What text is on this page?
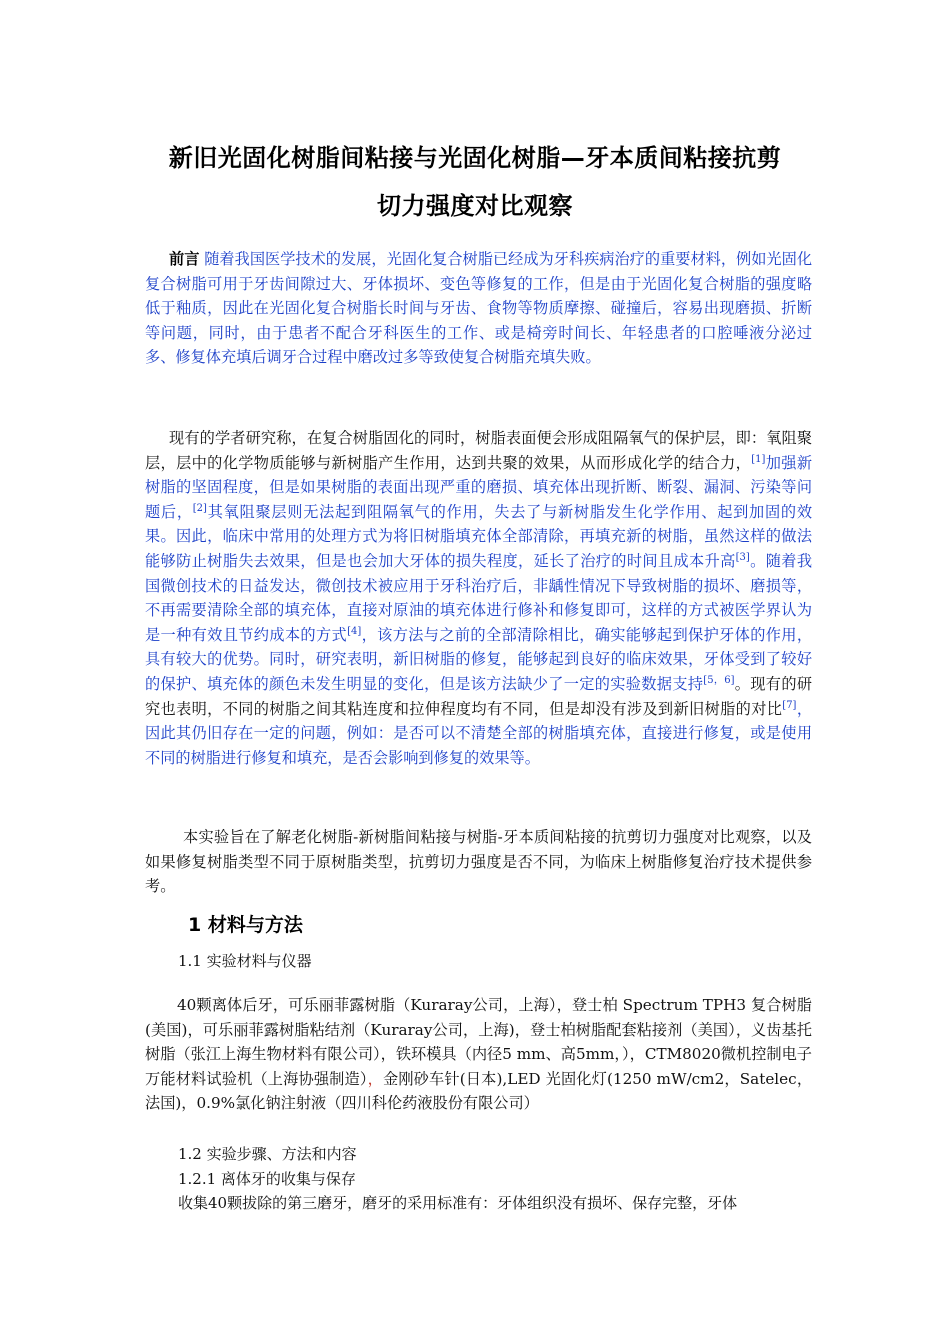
新旧光固化树脂间粘接与光固化树脂—牙本质间粘接抗剪
切力强度对比观察

前言 随着我国医学技术的发展，光固化复合树脂已经成为牙科疾病治疗的重要材料，例如光固化复合树脂可用于牙齿间隙过大、牙体损坏、变色等修复的工作，但是由于光固化复合树脂的强度略低于釉质，因此在光固化复合树脂长时间与牙齿、食物等物质摩擦、碰撞后，容易出现磨损、折断等问题，同时，由于患者不配合牙科医生的工作、或是椅旁时间长、年轻患者的口腔唾液分泌过多、修复体充填后调牙合过程中磨改过多等致使复合树脂充填失败。

现有的学者研究称，在复合树脂固化的同时，树脂表面便会形成阻隔氧气的保护层，即：氧阻聚层，层中的化学物质能够与新树脂产生作用，达到共聚的效果，从而形成化学的结合力，[1]加强新树脂的坚固程度，但是如果树脂的表面出现严重的磨损、填充体出现折断、断裂、漏洞、污染等问题后，[2]其氧阻聚层则无法起到阻隔氧气的作用，失去了与新树脂发生化学作用、起到加固的效果。因此，临床中常用的处理方式为将旧树脂填充体全部清除，再填充新的树脂，虽然这样的做法能够防止树脂失去效果，但是也会加大牙体的损失程度，延长了治疗的时间且成本升高[3]。随着我国微创技术的日益发达，微创技术被应用于牙科治疗后，非龋性情况下导致树脂的损坏、磨损等，不再需要清除全部的填充体，直接对原油的填充体进行修补和修复即可，这样的方式被医学界认为是一种有效且节约成本的方式[4]，该方法与之前的全部清除相比，确实能够起到保护牙体的作用，具有较大的优势。同时，研究表明，新旧树脂的修复，能够起到良好的临床效果，牙体受到了较好的保护、填充体的颜色未发生明显的变化，但是该方法缺少了一定的实验数据支持[5，6]。现有的研究也表明，不同的树脂之间其粘连度和拉伸程度均有不同，但是却没有涉及到新旧树脂的对比[7]，因此其仍旧存在一定的问题，例如：是否可以不清楚全部的树脂填充体，直接进行修复，或是使用不同的树脂进行修复和填充，是否会影响到修复的效果等。

本实验旨在了解老化树脂-新树脂间粘接与树脂-牙本质间粘接的抗剪切力强度对比观察，以及如果修复树脂类型不同于原树脂类型，抗剪切力强度是否不同，为临床上树脂修复治疗技术提供参考。

1 材料与方法
1.1 实验材料与仪器

40颗离体后牙，可乐丽菲露树脂（Kuraray公司，上海），登士柏 Spectrum TPH3 复合树脂(美国)，可乐丽菲露树脂粘结剂（Kuraray公司，上海)，登士柏树脂配套粘接剂（美国），义齿基托树脂（张江上海生物材料有限公司），铁环模具（内径5 mm、高5mm，），CTM8020微机控制电子万能材料试验机（上海协强制造），金刚砂车针(日本),LED 光固化灯(1250 mW/cm2，Satelec，法国)，0.9%氯化钠注射液（四川科伦药液股份有限公司）

1.2 实验步骤、方法和内容
1.2.1 离体牙的收集与保存
收集40颗拔除的第三磨牙，磨牙的采用标准有：牙体组织没有损坏、保存完整，牙体
